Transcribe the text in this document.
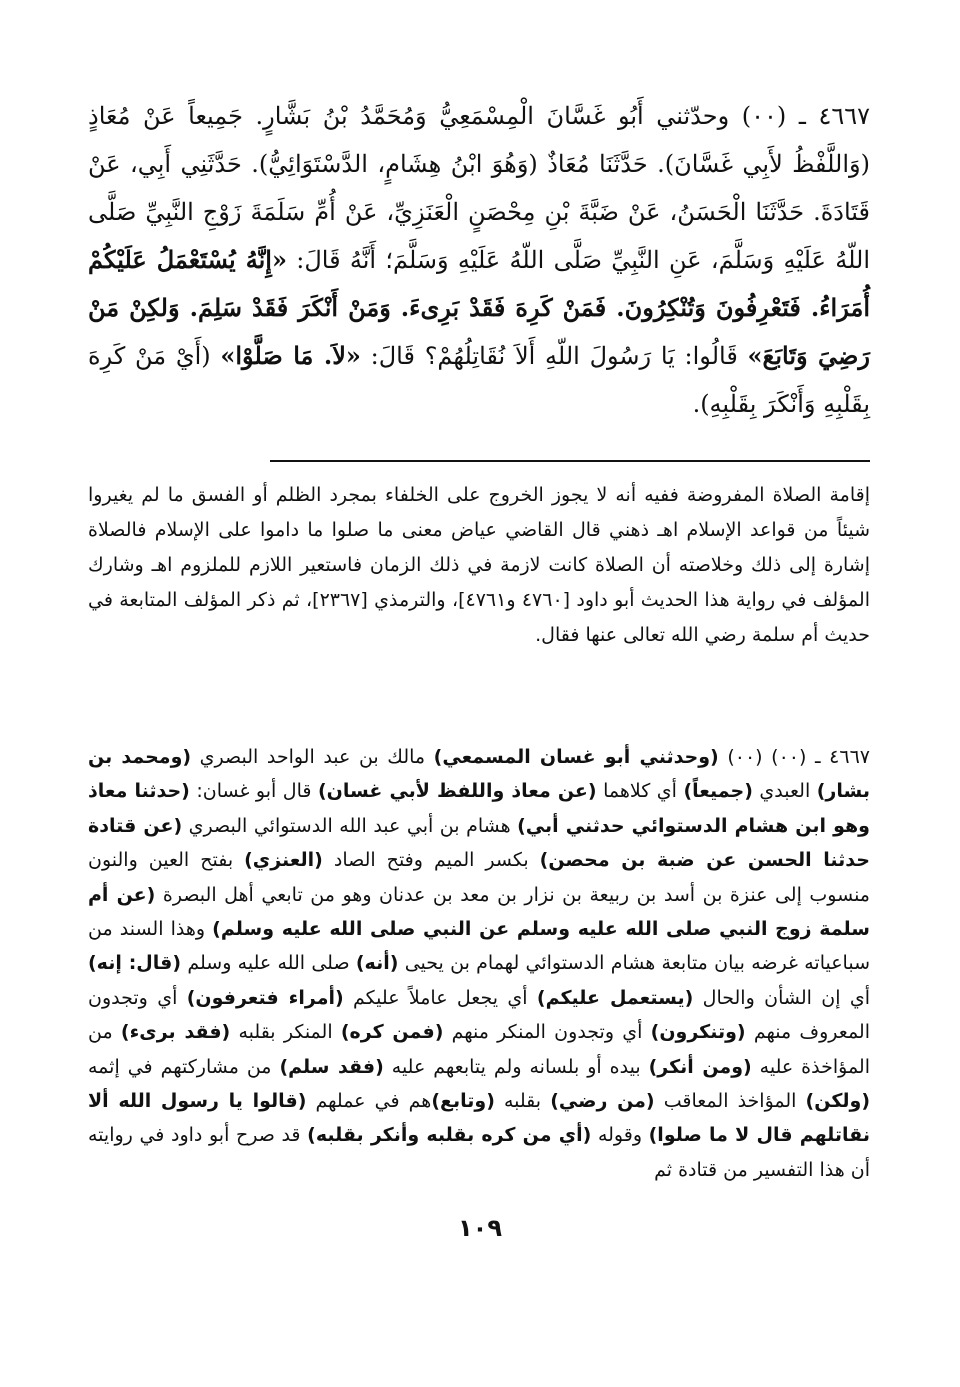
٤٦٦٧ ـ (٠٠) وحدّثني أَبُو غَسَّانَ الْمِسْمَعِيُّ وَمُحَمَّدُ بْنُ بَشَّارٍ. جَمِيعاً عَنْ مُعَاذٍ (وَاللَّفْظُ لأَبِي غَسَّانَ). حَدَّثَنَا مُعَاذٌ (وَهُوَ ابْنُ هِشَامٍ، الدَّسْتَوَائِيُّ). حَدَّثَنِي أَبِي، عَنْ قَتَادَةَ. حَدَّثَنَا الْحَسَنُ، عَنْ ضَبَّةَ بْنِ مِحْصَنٍ الْعَنَزِيِّ، عَنْ أُمِّ سَلَمَةَ زَوْجِ النَّبِيِّ صَلَّى اللّهُ عَلَيْهِ وَسَلَّمَ، عَنِ النَّبِيِّ صَلَّى اللّهُ عَلَيْهِ وَسَلَّمَ؛ أَنَّهُ قَالَ: «إِنَّهُ يُسْتَعْمَلُ عَلَيْكُمْ أُمَرَاءُ. فَتَعْرِفُونَ وَتُنْكِرُونَ. فَمَنْ كَرِهَ فَقَدْ بَرِىءَ. وَمَنْ أَنْكَرَ فَقَدْ سَلِمَ. وَلكِنْ مَنْ رَضِيَ وَتَابَعَ» قَالُوا: يَا رَسُولَ اللّهِ أَلاَ نُقَاتِلُهُمْ؟ قَالَ: «لاَ. مَا صَلَّوْا» (أَيْ مَنْ كَرِهَ بِقَلْبِهِ وَأَنْكَرَ بِقَلْبِهِ).

إقامة الصلاة المفروضة ففيه أنه لا يجوز الخروج على الخلفاء بمجرد الظلم أو الفسق ما لم يغيروا شيئاً من قواعد الإسلام اهـ ذهني قال القاضي عياض معنى ما صلوا ما داموا على الإسلام فالصلاة إشارة إلى ذلك وخلاصته أن الصلاة كانت لازمة في ذلك الزمان فاستعير اللازم للملزوم اهـ وشارك المؤلف في رواية هذا الحديث أبو داود [٤٧٦٠ و٤٧٦١]، والترمذي [٢٣٦٧]، ثم ذكر المؤلف المتابعة في حديث أم سلمة رضي الله تعالى عنها فقال.

٤٦٦٧ ـ (٠٠) (٠٠) (وحدثني أبو غسان المسمعي) مالك بن عبد الواحد البصري (ومحمد بن بشار) العبدي (جميعاً) أي كلاهما (عن معاذ واللفظ لأبي غسان) قال أبو غسان: (حدثنا معاذ وهو ابن هشام الدستوائي حدثني أبي) هشام بن أبي عبد الله الدستوائي البصري (عن قتادة حدثنا الحسن عن ضبة بن محصن) بكسر الميم وفتح الصاد (العنزي) بفتح العين والنون منسوب إلى عنزة بن أسد بن ربيعة بن نزار بن معد بن عدنان وهو من تابعي أهل البصرة (عن أم سلمة زوج النبي صلى الله عليه وسلم عن النبي صلى الله عليه وسلم) وهذا السند من سباعياته غرضه بيان متابعة هشام الدستوائي لهمام بن يحيى (أنه) صلى الله عليه وسلم (قال: إنه) أي إن الشأن والحال (يستعمل عليكم) أي يجعل عاملاً عليكم (أمراء فتعرفون) أي وتجدون المعروف منهم (وتنكرون) أي وتجدون المنكر منهم (فمن كره) المنكر بقلبه (فقد برىء) من المؤاخذة عليه (ومن أنكر) بيده أو بلسانه ولم يتابعهم عليه (فقد سلم) من مشاركتهم في إثمه (ولكن) المؤاخذ المعاقب (من رضي) بقلبه (وتابع)هم في عملهم (قالوا يا رسول الله ألا نقاتلهم قال لا ما صلوا) وقوله (أي من كره بقلبه وأنكر بقلبه) قد صرح أبو داود في روايته أن هذا التفسير من قتادة ثم

١٠٩
